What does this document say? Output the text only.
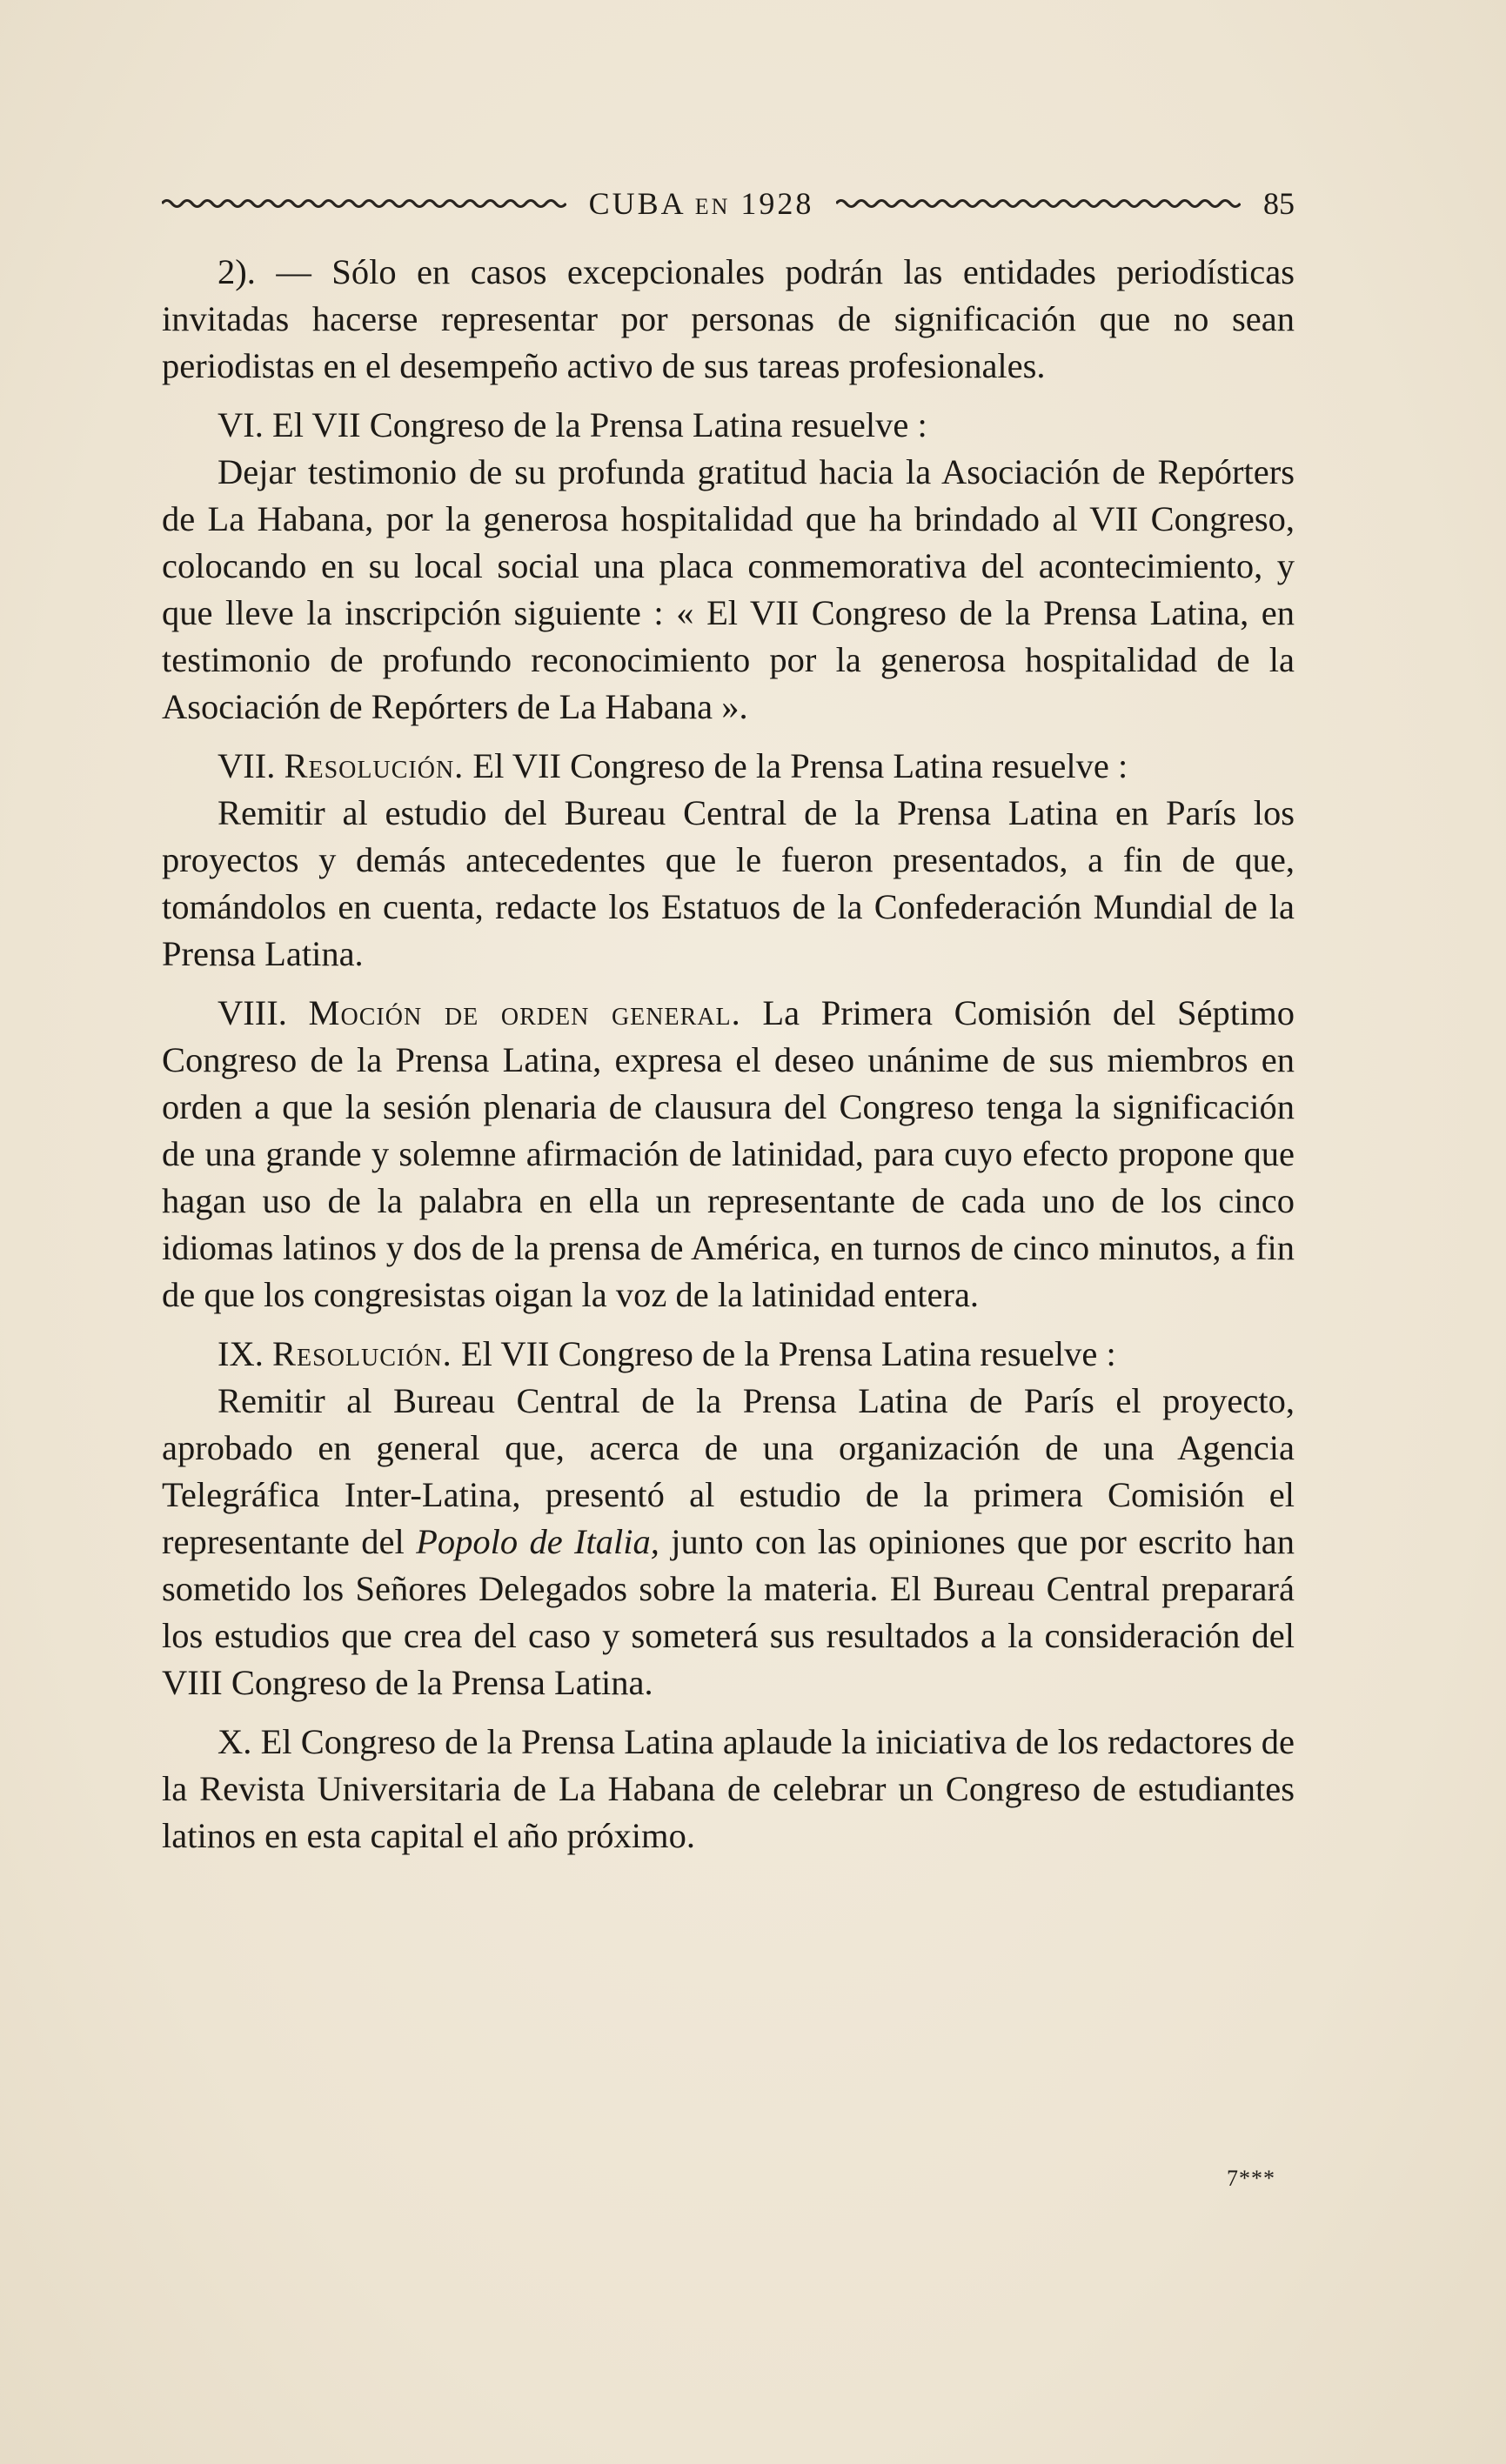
CUBA EN 1928	85

2). — Sólo en casos excepcionales podrán las entidades periodísticas invitadas hacerse representar por personas de significación que no sean periodistas en el desempeño activo de sus tareas profesionales.

VI. El VII Congreso de la Prensa Latina resuelve :

Dejar testimonio de su profunda gratitud hacia la Asociación de Repórters de La Habana, por la generosa hospitalidad que ha brindado al VII Congreso, colocando en su local social una placa conmemorativa del acontecimiento, y que lleve la inscripción siguiente : « El VII Congreso de la Prensa Latina, en testimonio de profundo reconocimiento por la generosa hospitalidad de la Asociación de Repórters de La Habana ».

VII. Resolución. El VII Congreso de la Prensa Latina resuelve :

Remitir al estudio del Bureau Central de la Prensa Latina en París los proyectos y demás antecedentes que le fueron presentados, a fin de que, tomándolos en cuenta, redacte los Estatuos de la Confederación Mundial de la Prensa Latina.

VIII. Moción de orden general. La Primera Comisión del Séptimo Congreso de la Prensa Latina, expresa el deseo unánime de sus miembros en orden a que la sesión plenaria de clausura del Congreso tenga la significación de una grande y solemne afirmación de latinidad, para cuyo efecto propone que hagan uso de la palabra en ella un representante de cada uno de los cinco idiomas latinos y dos de la prensa de América, en turnos de cinco minutos, a fin de que los congresistas oigan la voz de la latinidad entera.

IX. Resolución. El VII Congreso de la Prensa Latina resuelve :

Remitir al Bureau Central de la Prensa Latina de París el proyecto, aprobado en general que, acerca de una organización de una Agencia Telegráfica Inter-Latina, presentó al estudio de la primera Comisión el representante del Popolo de Italia, junto con las opiniones que por escrito han sometido los Señores Delegados sobre la materia. El Bureau Central preparará los estudios que crea del caso y someterá sus resultados a la consideración del VIII Congreso de la Prensa Latina.

X. El Congreso de la Prensa Latina aplaude la iniciativa de los redactores de la Revista Universitaria de La Habana de celebrar un Congreso de estudiantes latinos en esta capital el año próximo.

7***
